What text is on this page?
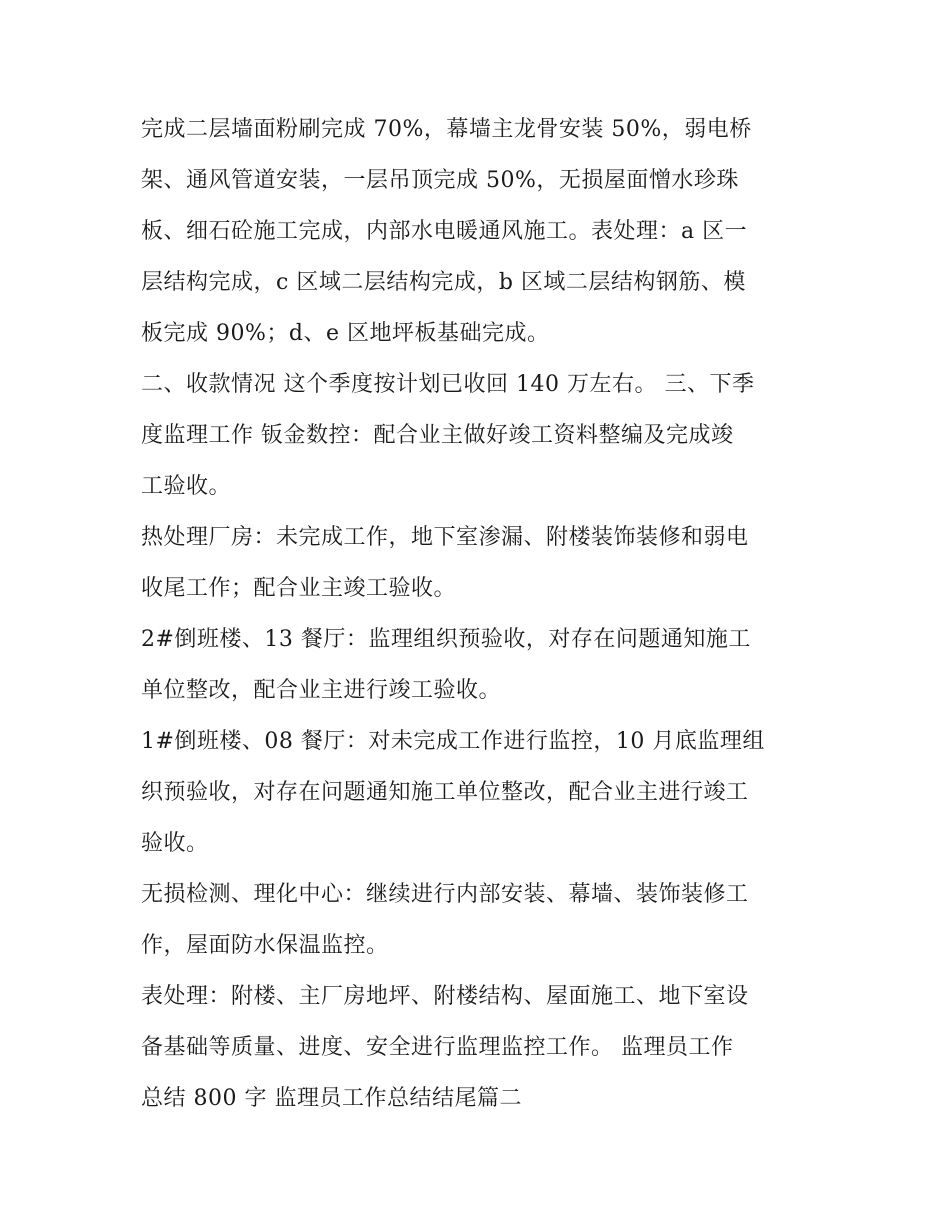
完成二层墙面粉刷完成 70%，幕墙主龙骨安装 50%，弱电桥
架、通风管道安装，一层吊顶完成 50%，无损屋面憎水珍珠
板、细石砼施工完成，内部水电暖通风施工。表处理：a 区一
层结构完成，c 区域二层结构完成，b 区域二层结构钢筋、模
板完成 90%；d、e 区地坪板基础完成。
二、收款情况 这个季度按计划已收回 140 万左右。 三、下季
度监理工作 钣金数控：配合业主做好竣工资料整编及完成竣
工验收。
热处理厂房：未完成工作，地下室渗漏、附楼装饰装修和弱电
收尾工作；配合业主竣工验收。
2#倒班楼、13 餐厅：监理组织预验收，对存在问题通知施工
单位整改，配合业主进行竣工验收。
1#倒班楼、08 餐厅：对未完成工作进行监控，10 月底监理组
织预验收，对存在问题通知施工单位整改，配合业主进行竣工
验收。
无损检测、理化中心：继续进行内部安装、幕墙、装饰装修工
作，屋面防水保温监控。
表处理：附楼、主厂房地坪、附楼结构、屋面施工、地下室设
备基础等质量、进度、安全进行监理监控工作。 监理员工作
总结 800 字 监理员工作总结结尾篇二
